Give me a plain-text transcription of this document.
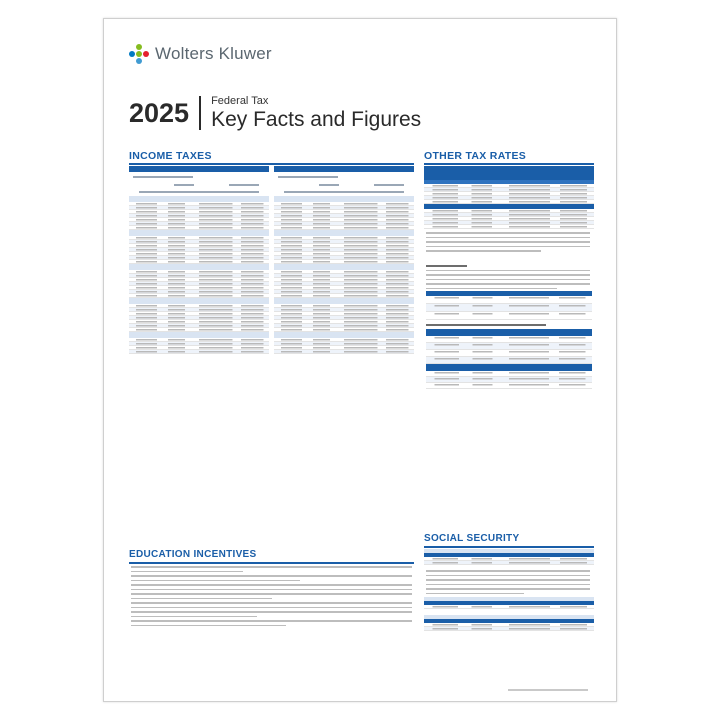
Wolters Kluwer
2025	Federal Tax
Key Facts and Figures
INCOME TAXES	OTHER TAX RATES
EDUCATION INCENTIVES
SOCIAL SECURITY
